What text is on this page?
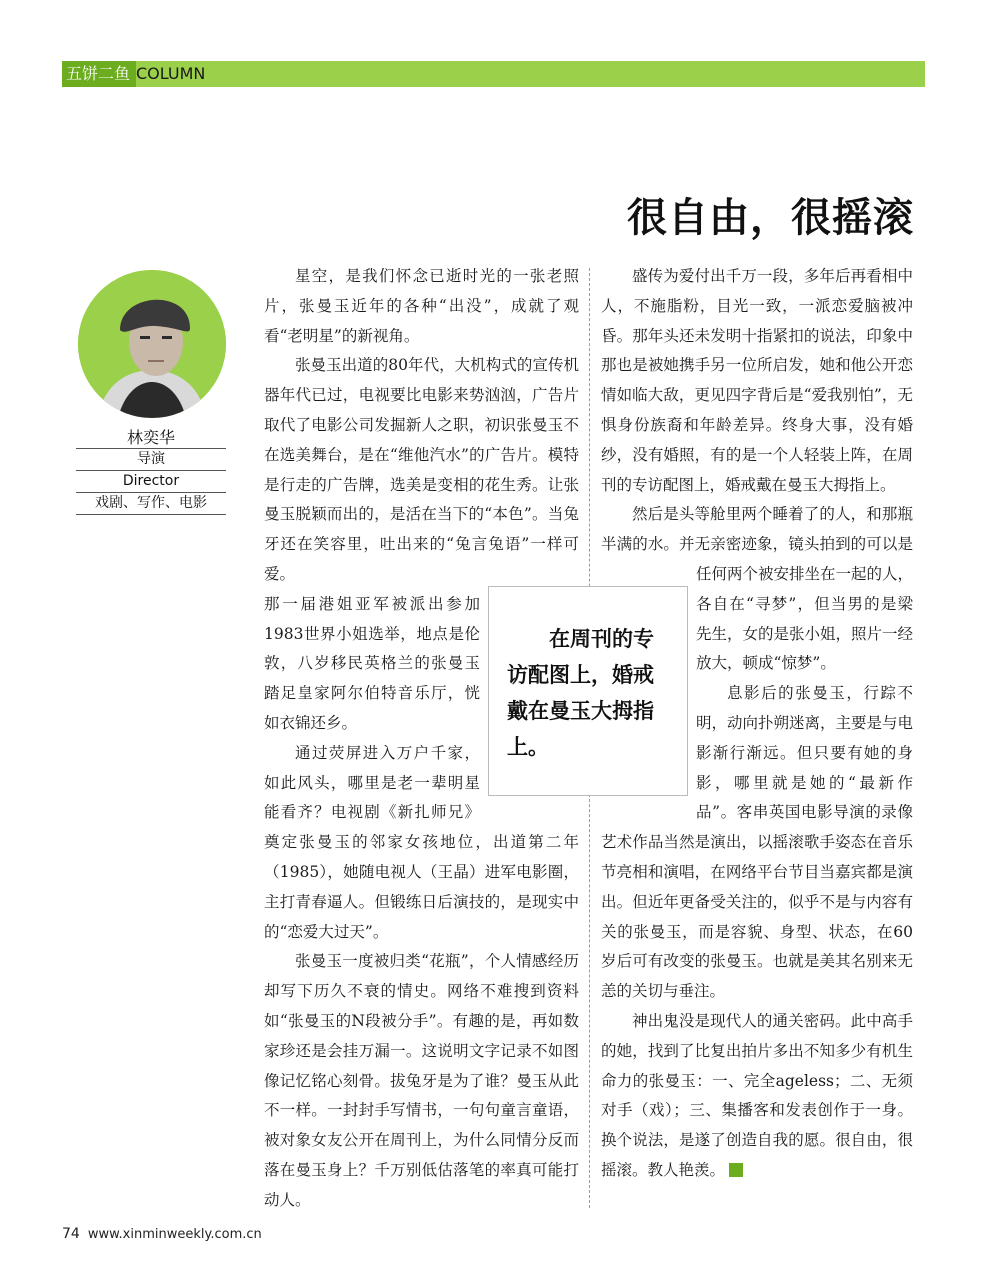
五饼二鱼 COLUMN
很自由，很摇滚
林奕华
导演
Director
戏剧、写作、电影

星空，是我们怀念已逝时光的一张老照片，张曼玉近年的各种“出没”，成就了观看“老明星”的新视角。

张曼玉出道的80年代，大机构式的宣传机器年代已过，电视要比电影来势汹汹，广告片取代了电影公司发掘新人之职，初识张曼玉不在选美舞台，是在“维他汽水”的广告片。模特是行走的广告牌，选美是变相的花生秀。让张曼玉脱颖而出的，是活在当下的“本色”。当兔牙还在笑容里，吐出来的“兔言兔语”一样可爱。

那一届港姐亚军被派出参加1983世界小姐选举，地点是伦敦，八岁移民英格兰的张曼玉踏足皇家阿尔伯特音乐厅，恍如衣锦还乡。

通过荧屏进入万户千家，如此风头，哪里是老一辈明星能看齐？电视剧《新扎师兄》奠定张曼玉的邻家女孩地位，出道第二年（1985），她随电视人（王晶）进军电影圈，主打青春逼人。但锻练日后演技的，是现实中的“恋爱大过天”。

张曼玉一度被归类“花瓶”，个人情感经历却写下历久不衰的情史。网络不难搜到资料如“张曼玉的N段被分手”。有趣的是，再如数家珍还是会挂万漏一。这说明文字记录不如图像记忆铭心刻骨。拔兔牙是为了谁？曼玉从此不一样。一封封手写情书，一句句童言童语，被对象女友公开在周刊上，为什么同情分反而落在曼玉身上？千万别低估落笔的率真可能打动人。

盛传为爱付出千万一段，多年后再看相中人，不施脂粉，目光一致，一派恋爱脑被冲昏。那年头还未发明十指紧扣的说法，印象中那也是被她携手另一位所启发，她和他公开恋情如临大敌，更见四字背后是“爱我别怕”，无惧身份族裔和年龄差异。终身大事，没有婚纱，没有婚照，有的是一个人轻装上阵，在周刊的专访配图上，婚戒戴在曼玉大拇指上。

然后是头等舱里两个睡着了的人，和那瓶半满的水。并无亲密迹象，镜头拍到的可以是任何两个被安排坐在一起的人，各自在“寻梦”，但当男的是梁先生，女的是张小姐，照片一经放大，顿成“惊梦”。

息影后的张曼玉，行踪不明，动向扑朔迷离，主要是与电影渐行渐远。但只要有她的身影，哪里就是她的“最新作品”。客串英国电影导演的录像艺术作品当然是演出，以摇滚歌手姿态在音乐节亮相和演唱，在网络平台节目当嘉宾都是演出。但近年更备受关注的，似乎不是与内容有关的张曼玉，而是容貌、身型、状态，在60岁后可有改变的张曼玉。也就是美其名别来无恙的关切与垂注。

神出鬼没是现代人的通关密码。此中高手的她，找到了比复出拍片多出不知多少有机生命力的张曼玉：一、完全ageless；二、无须对手（戏）；三、集播客和发表创作于一身。换个说法，是遂了创造自我的愿。很自由，很摇滚。教人艳羡。

在周刊的专访配图上，婚戒戴在曼玉大拇指上。
74 www.xinminweekly.com.cn
